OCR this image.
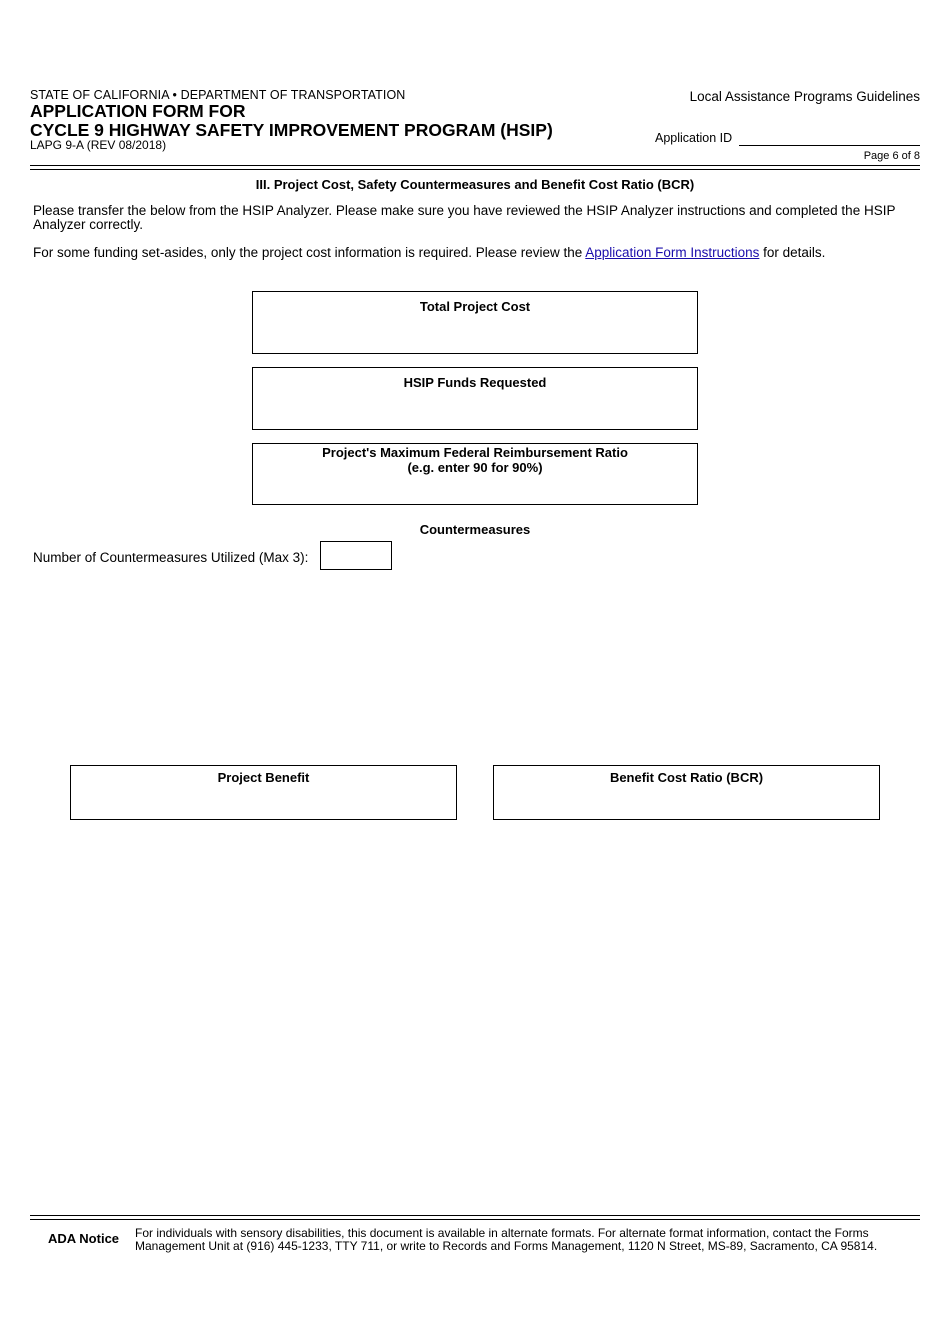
STATE OF CALIFORNIA • DEPARTMENT OF TRANSPORTATION
APPLICATION FORM FOR
CYCLE 9 HIGHWAY SAFETY IMPROVEMENT PROGRAM (HSIP)
LAPG 9-A (REV 08/2018)
Local Assistance Programs Guidelines
Application ID
Page 6 of 8
III. Project Cost, Safety Countermeasures and Benefit Cost Ratio (BCR)
Please transfer the below from the HSIP Analyzer. Please make sure you have reviewed the HSIP Analyzer instructions and completed the HSIP Analyzer correctly.
For some funding set-asides, only the project cost information is required. Please review the Application Form Instructions for details.
Total Project Cost
HSIP Funds Requested
Project's Maximum Federal Reimbursement Ratio
(e.g. enter 90 for 90%)
Countermeasures
Number of Countermeasures Utilized (Max 3):
Project Benefit	Benefit Cost Ratio (BCR)
ADA Notice For individuals with sensory disabilities, this document is available in alternate formats. For alternate format information, contact the Forms Management Unit at (916) 445-1233, TTY 711, or write to Records and Forms Management, 1120 N Street, MS-89, Sacramento, CA 95814.
